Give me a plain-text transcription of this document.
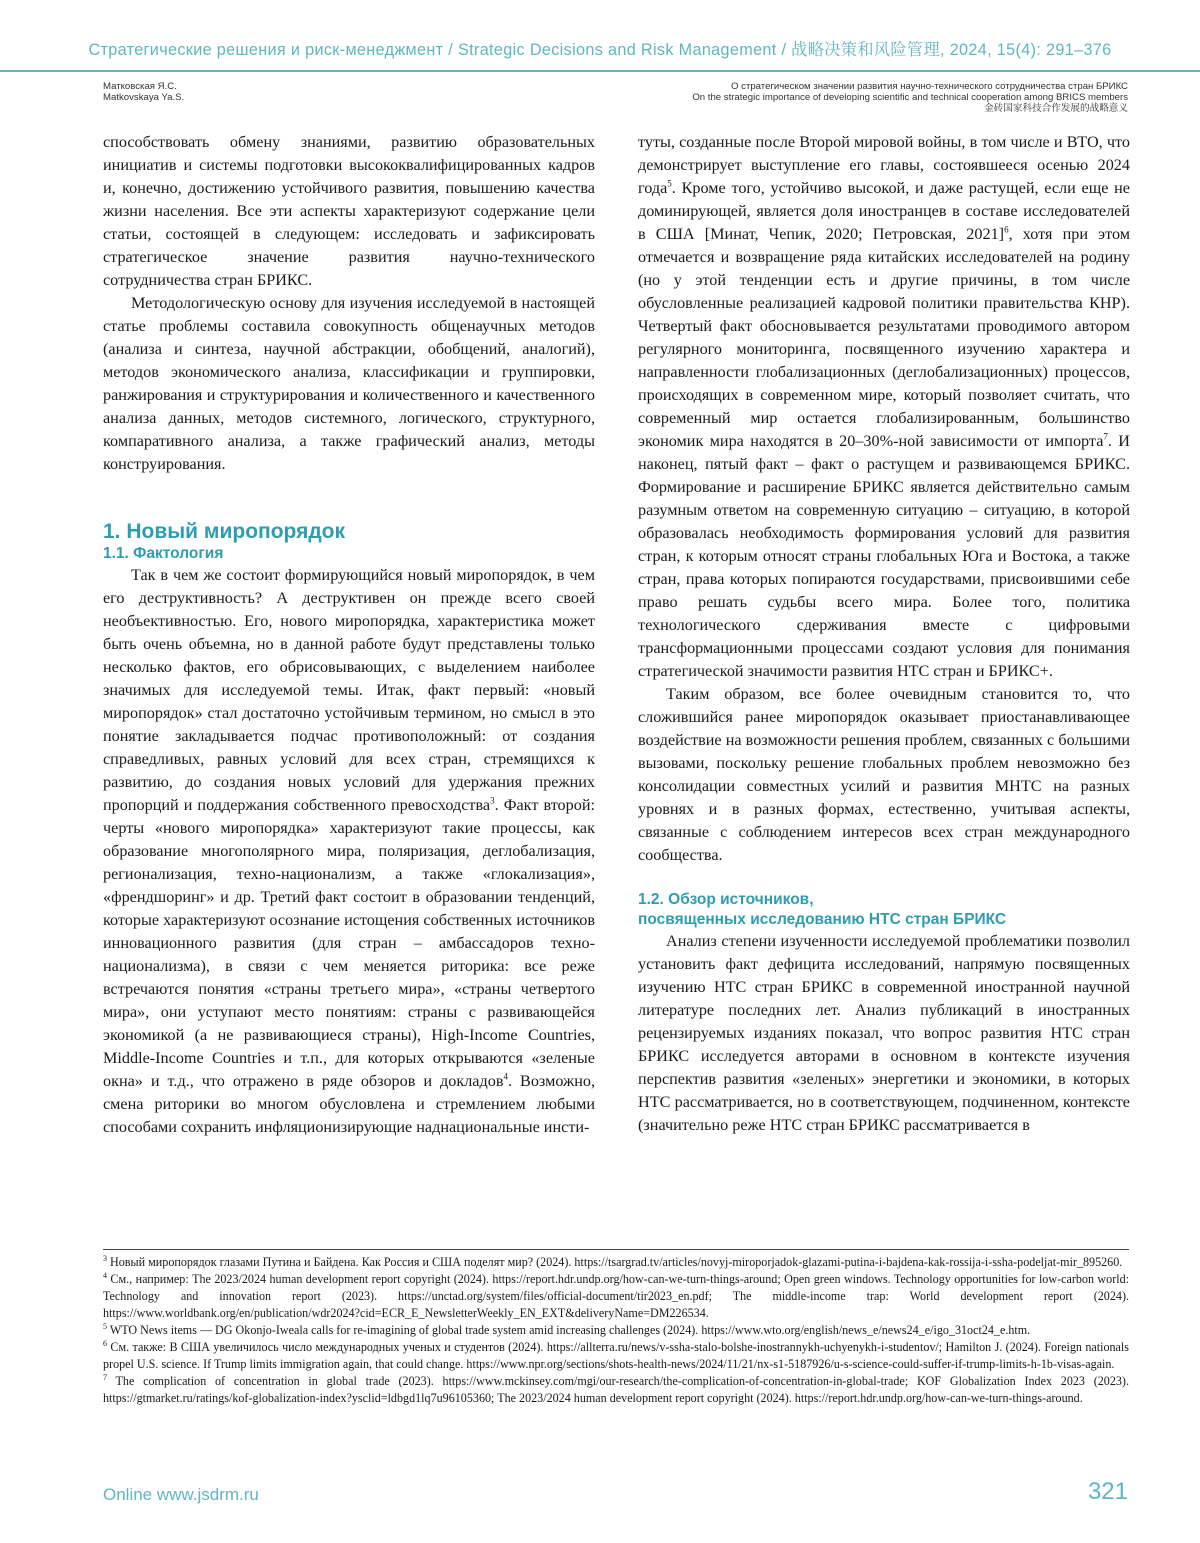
Стратегические решения и риск-менеджмент / Strategic Decisions and Risk Management / 战略决策和风险管理, 2024, 15(4): 291–376
Матковская Я.С.
Matkovskaya Ya.S.
О стратегическом значении развития научно-технического сотрудничества стран БРИКС
On the strategic importance of developing scientific and technical cooperation among BRICS members
金砖国家科技合作发展的战略意义

способствовать обмену знаниями, развитию образовательных инициатив и системы подготовки высококвалифицированных кадров и, конечно, достижению устойчивого развития, повышению качества жизни населения. Все эти аспекты характеризуют содержание цели статьи, состоящей в следующем: исследовать и зафиксировать стратегическое значение развития научно-технического сотрудничества стран БРИКС.

Методологическую основу для изучения исследуемой в настоящей статье проблемы составила совокупность общенаучных методов (анализа и синтеза, научной абстракции, обобщений, аналогий), методов экономического анализа, классификации и группировки, ранжирования и структурирования и количественного и качественного анализа данных, методов системного, логического, структурного, компаративного анализа, а также графический анализ, методы конструирования.

1. Новый миропорядок
1.1. Фактология

Так в чем же состоит формирующийся новый миропорядок, в чем его деструктивность? А деструктивен он прежде всего своей необъективностью. Его, нового миропорядка, характеристика может быть очень объемна, но в данной работе будут представлены только несколько фактов, его обрисовывающих, с выделением наиболее значимых для исследуемой темы. Итак, факт первый: «новый миропорядок» стал достаточно устойчивым термином, но смысл в это понятие закладывается подчас противоположный: от создания справедливых, равных условий для всех стран, стремящихся к развитию, до создания новых условий для удержания прежних пропорций и поддержания собственного превосходства$^3$. Факт второй: черты «нового миропорядка» характеризуют такие процессы, как образование многополярного мира, поляризация, деглобализация, регионализация, техно-национализм, а также «глокализация», «френдшоринг» и др. Третий факт состоит в образовании тенденций, которые характеризуют осознание истощения собственных источников инновационного развития (для стран – амбассадоров техно-национализма), в связи с чем меняется риторика: все реже встречаются понятия «страны третьего мира», «страны четвертого мира», они уступают место понятиям: страны с развивающейся экономикой (а не развивающиеся страны), High-Income Countries, Middle-Income Countries и т.п., для которых открываются «зеленые окна» и т.д., что отражено в ряде обзоров и докладов$^4$. Возможно, смена риторики во многом обусловлена и стремлением любыми способами сохранить инфляционизирующие наднациональные инсти-

туты, созданные после Второй мировой войны, в том числе и ВТО, что демонстрирует выступление его главы, состоявшееся осенью 2024 года$^5$. Кроме того, устойчиво высокой, и даже растущей, если еще не доминирующей, является доля иностранцев в составе исследователей в США [Минат, Чепик, 2020; Петровская, 2021]$^6$, хотя при этом отмечается и возвращение ряда китайских исследователей на родину (но у этой тенденции есть и другие причины, в том числе обусловленные реализацией кадровой политики правительства КНР). Четвертый факт обосновывается результатами проводимого автором регулярного мониторинга, посвященного изучению характера и направленности глобализационных (деглобализационных) процессов, происходящих в современном мире, который позволяет считать, что современный мир остается глобализированным, большинство экономик мира находятся в 20–30%-ной зависимости от импорта$^7$. И наконец, пятый факт – факт о растущем и развивающемся БРИКС. Формирование и расширение БРИКС является действительно самым разумным ответом на современную ситуацию – ситуацию, в которой образовалась необходимость формирования условий для развития стран, к которым относят страны глобальных Юга и Востока, а также стран, права которых попираются государствами, присвоившими себе право решать судьбы всего мира. Более того, политика технологического сдерживания вместе с цифровыми трансформационными процессами создают условия для понимания стратегической значимости развития НТС стран и БРИКС+.

Таким образом, все более очевидным становится то, что сложившийся ранее миропорядок оказывает приостанавливающее воздействие на возможности решения проблем, связанных с большими вызовами, поскольку решение глобальных проблем невозможно без консолидации совместных усилий и развития МНТС на разных уровнях и в разных формах, естественно, учитывая аспекты, связанные с соблюдением интересов всех стран международного сообщества.

1.2. Обзор источников,
посвященных исследованию НТС стран БРИКС

Анализ степени изученности исследуемой проблематики позволил установить факт дефицита исследований, напрямую посвященных изучению НТС стран БРИКС в современной иностранной научной литературе последних лет. Анализ публикаций в иностранных рецензируемых изданиях показал, что вопрос развития НТС стран БРИКС исследуется авторами в основном в контексте изучения перспектив развития «зеленых» энергетики и экономики, в которых НТС рассматривается, но в соответствующем, подчиненном, контексте (значительно реже НТС стран БРИКС рассматривается в

$^3$ Новый миропорядок глазами Путина и Байдена. Как Россия и США поделят мир? (2024). https://tsargrad.tv/articles/novyj-miroporjadok-glazami-putina-i-bajdena-kak-rossija-i-ssha-podeljat-mir_895260.

$^4$ См., например: The 2023/2024 human development report copyright (2024). https://report.hdr.undp.org/how-can-we-turn-things-around; Open green windows. Technology opportunities for low-carbon world: Technology and innovation report (2023). https://unctad.org/system/files/official-document/tir2023_en.pdf; The middle-income trap: World development report (2024). https://www.worldbank.org/en/publication/wdr2024?cid=ECR_E_NewsletterWeekly_EN_EXT&deliveryName=DM226534.

$^5$ WTO News items — DG Okonjo-Iweala calls for re-imagining of global trade system amid increasing challenges (2024). https://www.wto.org/english/news_e/news24_e/igo_31oct24_e.htm.

$^6$ См. также: В США увеличилось число международных ученых и студентов (2024). https://allterra.ru/news/v-ssha-stalo-bolshe-inostrannykh-uchyenykh-i-studentov/; Hamilton J. (2024). Foreign nationals propel U.S. science. If Trump limits immigration again, that could change. https://www.npr.org/sections/shots-health-news/2024/11/21/nx-s1-5187926/u-s-science-could-suffer-if-trump-limits-h-1b-visas-again.

$^7$ The complication of concentration in global trade (2023). https://www.mckinsey.com/mgi/our-research/the-complication-of-concentration-in-global-trade; KOF Globalization Index 2023 (2023). https://gtmarket.ru/ratings/kof-globalization-index?ysclid=ldbgd1lq7u96105360; The 2023/2024 human development report copyright (2024). https://report.hdr.undp.org/how-can-we-turn-things-around.

Online www.jsdrm.ru	321
